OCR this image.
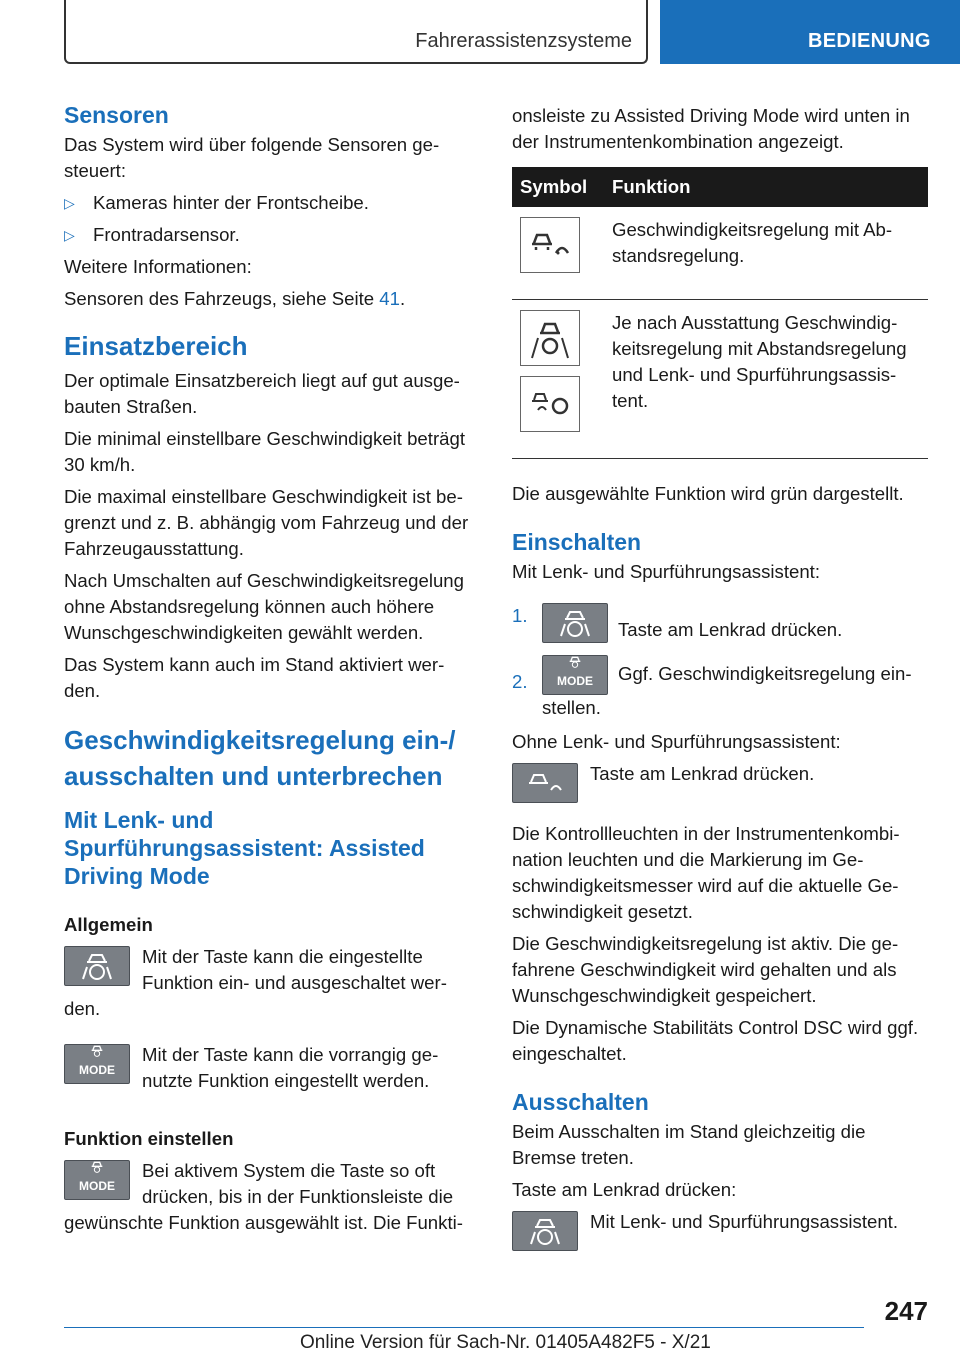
Fahrerassistenzsysteme	BEDIENUNG
Sensoren

Das System wird über folgende Sensoren ge-steuert:

▷ Kameras hinter der Frontscheibe.
▷ Frontradarsensor.

Weitere Informationen:

Sensoren des Fahrzeugs, siehe Seite 41.

Einsatzbereich

Der optimale Einsatzbereich liegt auf gut ausge-bauten Straßen.

Die minimal einstellbare Geschwindigkeit beträgt 30 km/h.

Die maximal einstellbare Geschwindigkeit ist be-grenzt und z. B. abhängig vom Fahrzeug und der Fahrzeugausstattung.

Nach Umschalten auf Geschwindigkeitsregelung ohne Abstandsregelung können auch höhere Wunschgeschwindigkeiten gewählt werden.

Das System kann auch im Stand aktiviert wer-den.

Geschwindigkeitsregelung ein-/ ausschalten und unterbrechen
Mit Lenk- und Spurführungsassistent: Assisted Driving Mode
Allgemein

Mit der Taste kann die eingestellte Funktion ein- und ausgeschaltet wer-den.

MODE

Mit der Taste kann die vorrangig ge-nutzte Funktion eingestellt werden.

Funktion einstellen
MODE

Bei aktivem System die Taste so oft drücken, bis in der Funktionsleiste die gewünschte Funktion ausgewählt ist. Die Funkti-

onsleiste zu Assisted Driving Mode wird unten in der Instrumentenkombination angezeigt.

Symbol	Funktion

	Geschwindigkeitsregelung mit Ab-standsregelung.

	Je nach Ausstattung Geschwindig-keitsregelung mit Abstandsregelung und Lenk- und Spurführungsassis-tent.

Die ausgewählte Funktion wird grün dargestellt.

Einschalten

Mit Lenk- und Spurführungsassistent:

1.
Taste am Lenkrad drücken.
2.	MODE Ggf. Geschwindigkeitsregelung ein-stellen.

Ohne Lenk- und Spurführungsassistent:

Taste am Lenkrad drücken.

Die Kontrollleuchten in der Instrumentenkombi-nation leuchten und die Markierung im Ge-schwindigkeitsmesser wird auf die aktuelle Ge-schwindigkeit gesetzt.

Die Geschwindigkeitsregelung ist aktiv. Die ge-fahrene Geschwindigkeit wird gehalten und als Wunschgeschwindigkeit gespeichert.

Die Dynamische Stabilitäts Control DSC wird ggf. eingeschaltet.

Ausschalten

Beim Ausschalten im Stand gleichzeitig die Bremse treten.

Taste am Lenkrad drücken:

Mit Lenk- und Spurführungsassistent.

247
Online Version für Sach-Nr. 01405A482F5 - X/21
